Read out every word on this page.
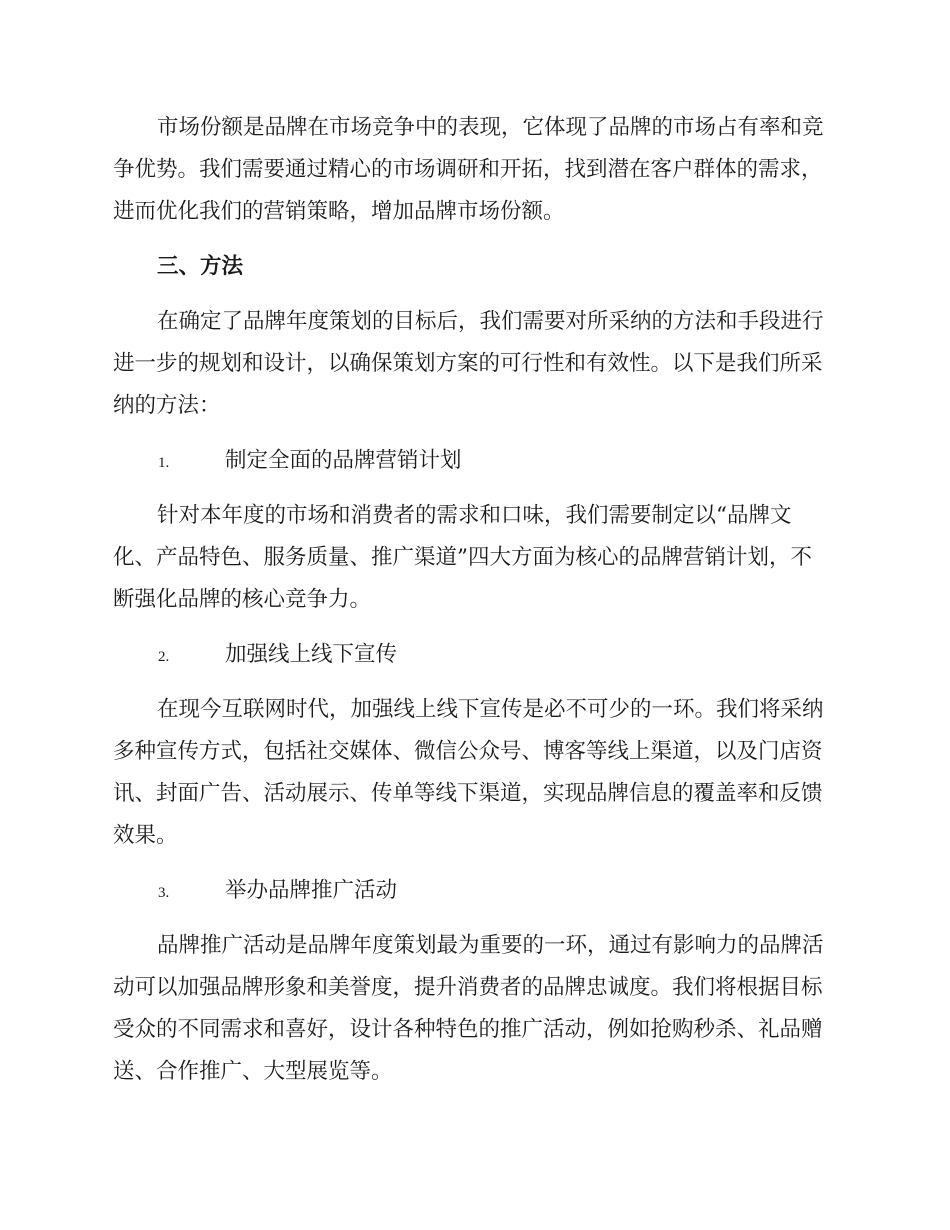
市场份额是品牌在市场竞争中的表现，它体现了品牌的市场占有率和竞
争优势。我们需要通过精心的市场调研和开拓，找到潜在客户群体的需求，
进而优化我们的营销策略，增加品牌市场份额。
三、方法
在确定了品牌年度策划的目标后，我们需要对所采纳的方法和手段进行
进一步的规划和设计，以确保策划方案的可行性和有效性。以下是我们所采
纳的方法：
1.	制定全面的品牌营销计划
针对本年度的市场和消费者的需求和口味，我们需要制定以“品牌文
化、产品特色、服务质量、推广渠道”四大方面为核心的品牌营销计划，不
断强化品牌的核心竞争力。
2.	加强线上线下宣传
在现今互联网时代，加强线上线下宣传是必不可少的一环。我们将采纳
多种宣传方式，包括社交媒体、微信公众号、博客等线上渠道，以及门店资
讯、封面广告、活动展示、传单等线下渠道，实现品牌信息的覆盖率和反馈
效果。
3.	举办品牌推广活动
品牌推广活动是品牌年度策划最为重要的一环，通过有影响力的品牌活
动可以加强品牌形象和美誉度，提升消费者的品牌忠诚度。我们将根据目标
受众的不同需求和喜好，设计各种特色的推广活动，例如抢购秒杀、礼品赠
送、合作推广、大型展览等。
